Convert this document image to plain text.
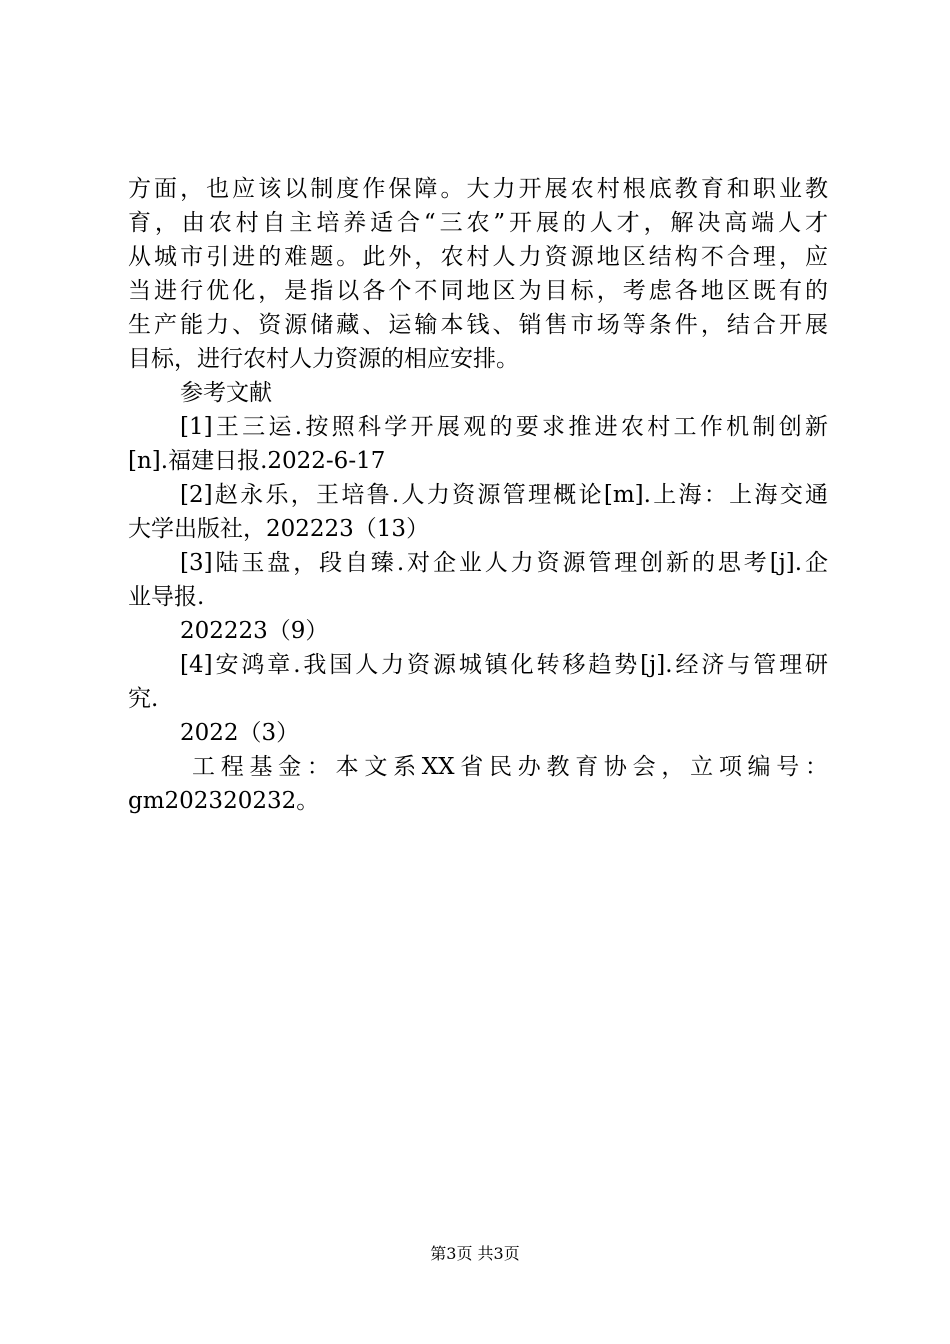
方面，也应该以制度作保障。大力开展农村根底教育和职业教
育，由农村自主培养适合“三农”开展的人才，解决高端人才
从城市引进的难题。此外，农村人力资源地区结构不合理，应
当进行优化，是指以各个不同地区为目标，考虑各地区既有的
生产能力、资源储藏、运输本钱、销售市场等条件，结合开展
目标，进行农村人力资源的相应安排。
参考文献
[1]王三运.按照科学开展观的要求推进农村工作机制创新
[n].福建日报.2022-6-17
[2]赵永乐，王培鲁.人力资源管理概论[m].上海：上海交通
大学出版社，202223（13）
[3]陆玉盘，段自臻.对企业人力资源管理创新的思考[j].企
业导报.
202223（9）
[4]安鸿章.我国人力资源城镇化转移趋势[j].经济与管理研
究.
2022（3）
工程基金：本文系XX省民办教育协会，立项编号：
gm202320232。
第3页 共3页
